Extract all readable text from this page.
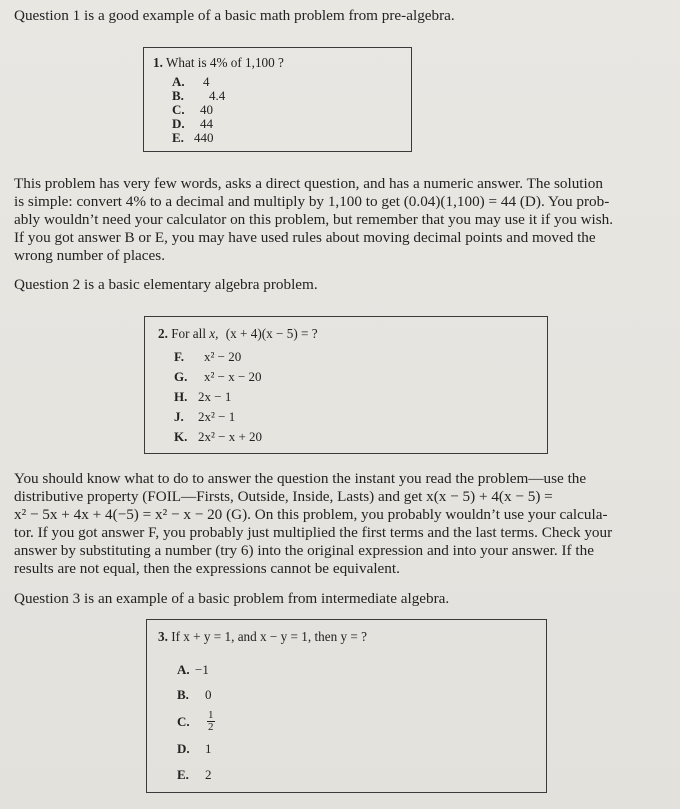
Question 1 is a good example of a basic math problem from pre-algebra.

1. What is 4% of 1,100 ?
A. 4
B. 4.4
C. 40
D. 44
E. 440

This problem has very few words, asks a direct question, and has a numeric answer. The solution

is simple: convert 4% to a decimal and multiply by 1,100 to get (0.04)(1,100) = 44 (D). You prob-

ably wouldn’t need your calculator on this problem, but remember that you may use it if you wish.

If you got answer B or E, you may have used rules about moving decimal points and moved the

wrong number of places.

Question 2 is a basic elementary algebra problem.

2. For all x, (x + 4)(x − 5) = ?
F. x² − 20
G. x² − x − 20
H. 2x − 1
J. 2x² − 1
K. 2x² − x + 20

You should know what to do to answer the question the instant you read the problem—use the

distributive property (FOIL—Firsts, Outside, Inside, Lasts) and get x(x − 5) + 4(x − 5) =

x² − 5x + 4x + 4(−5) = x² − x − 20 (G). On this problem, you probably wouldn’t use your calcula-

tor. If you got answer F, you probably just multiplied the first terms and the last terms. Check your

answer by substituting a number (try 6) into the original expression and into your answer. If the

results are not equal, then the expressions cannot be equivalent.

Question 3 is an example of a basic problem from intermediate algebra.

3. If x + y = 1, and x − y = 1, then y = ?
A. −1
B. 0
C. $\frac{1}{2}$
D. 1
E. 2
